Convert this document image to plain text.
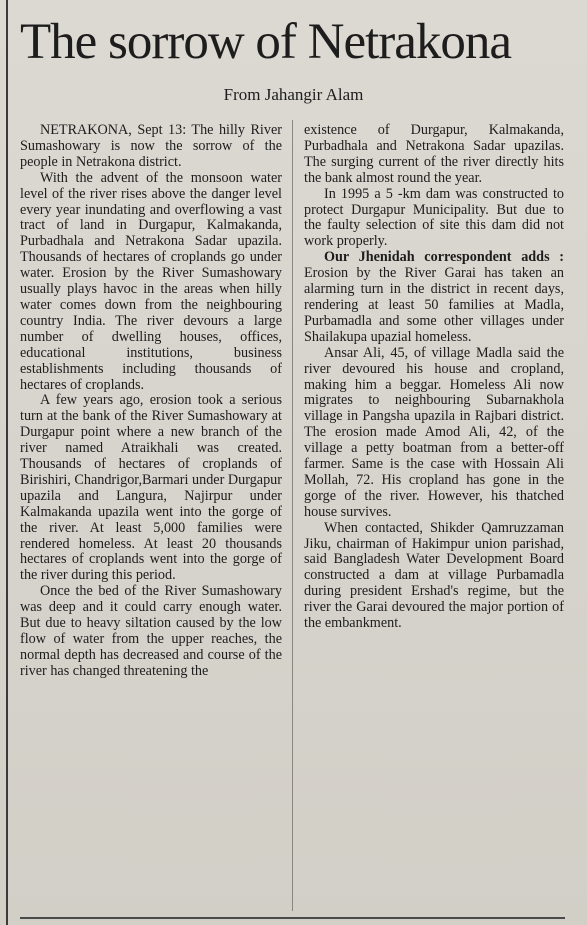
The sorrow of Netrakona
From Jahangir Alam

NETRAKONA, Sept 13: The hilly River Sumashowary is now the sorrow of the people in Netrakona district.

With the advent of the monsoon water level of the river rises above the danger level every year inundating and overflowing a vast tract of land in Durgapur, Kalmakanda, Purbadhala and Netrakona Sadar upazila. Thousands of hectares of croplands go under water. Erosion by the River Sumashowary usually plays havoc in the areas when hilly water comes down from the neighbouring country India. The river devours a large number of dwelling houses, offices, educational institutions, business establishments including thousands of hectares of croplands.

A few years ago, erosion took a serious turn at the bank of the River Sumashowary at Durgapur point where a new branch of the river named Atraikhali was created. Thousands of hectares of croplands of Birishiri, Chandrigor,Barmari under Durgapur upazila and Langura, Najirpur under Kalmakanda upazila went into the gorge of the river. At least 5,000 families were rendered homeless. At least 20 thousands hectares of croplands went into the gorge of the river during this period.

Once the bed of the River Sumashowary was deep and it could carry enough water. But due to heavy siltation caused by the low flow of water from the upper reaches, the normal depth has decreased and course of the river has changed threatening the

existence of Durgapur, Kalmakanda, Purbadhala and Netrakona Sadar upazilas. The surging current of the river directly hits the bank almost round the year.

In 1995 a 5 -km dam was constructed to protect Durgapur Municipality. But due to the faulty selection of site this dam did not work properly.

Our Jhenidah correspondent adds : Erosion by the River Garai has taken an alarming turn in the district in recent days, rendering at least 50 families at Madla, Purbamadla and some other villages under Shailakupa upazial homeless.

Ansar Ali, 45, of village Madla said the river devoured his house and cropland, making him a beggar. Homeless Ali now migrates to neighbouring Subarnakhola village in Pangsha upazila in Rajbari district. The erosion made Amod Ali, 42, of the village a petty boatman from a better-off farmer. Same is the case with Hossain Ali Mollah, 72. His cropland has gone in the gorge of the river. However, his thatched house survives.

When contacted, Shikder Qamruzzaman Jiku, chairman of Hakimpur union parishad, said Bangladesh Water Development Board constructed a dam at village Purbamadla during president Ershad's regime, but the river the Garai devoured the major portion of the embankment.
